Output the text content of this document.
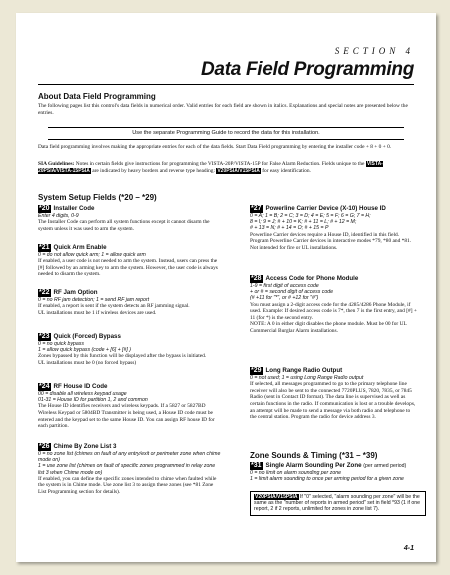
SECTION 4
Data Field Programming
About Data Field Programming
The following pages list this control's data fields in numerical order. Valid entries for each field are shown in italics. Explanations and special notes are presented below the entries.
Use the separate Programming Guide to record the data for this installation.
Data field programming involves making the appropriate entries for each of the data fields. Start Data Field programming by entering the installer code + 8 + 0 + 0.
SIA Guidelines: Notes in certain fields give instructions for programming the VISTA-20P/VISTA-15P for False Alarm Reduction. Fields unique to the VISTA-20PSIA/VISTA-15PSIA are indicated by heavy borders and reverse type heading: V20PSIA/V15PSIA for easy identification.
System Setup Fields (*20 – *29)
*20 Installer Code
Enter 4 digits, 0-9

The Installer Code can perform all system functions except it cannot disarm the system unless it was used to arm the system.

*21 Quick Arm Enable
0 = do not allow quick arm; 1 = allow quick arm

If enabled, a user code is not needed to arm the system. Instead, users can press the [#] followed by an arming key to arm the system. However, the user code is always needed to disarm the system.

*22 RF Jam Option
0 = no RF jam detection; 1 = send RF jam report

If enabled, a report is sent if the system detects an RF jamming signal.

UL installations must be 1 if wireless devices are used.

*23 Quick (Forced) Bypass
0 = no quick bypass
1 = allow quick bypass (code + [6] + [#] )

Zones bypassed by this function will be displayed after the bypass is initiated.

UL installations must be 0 (no forced bypass)

*24 RF House ID Code
00 = disable all wireless keypad usage
01-31 = House ID for partition 1, 2 and common

The House ID identifies receivers and wireless keypads. If a 5827 or 5827BD Wireless Keypad or 5804BD Transmitter is being used, a House ID code must be entered and the keypad set to the same House ID. You can assign RF house ID for each partition.

*26 Chime By Zone List 3
0 = no zone list (chimes on fault of any entry/exit or perimeter zone when chime mode on)
1 = use zone list (chimes on fault of specific zones programmed in relay zone list 3 when Chime mode on)

If enabled, you can define the specific zones intended to chime when faulted while the system is in Chime mode. Use zone list 3 to assign these zones (see *81 Zone List Programming section for details).

*27 Powerline Carrier Device (X-10) House ID
0 = A; 1 = B; 2 = C; 3 = D; 4 = E; 5 = F; 6 = G; 7 = H;
8 = I; 9 = J; # + 10 = K; # + 11 = L; # + 12 = M;
# + 13 = N; # + 14 = O; # + 15 = P

Powerline Carrier devices require a House ID, identified in this field. Program Powerline Carrier devices in interactive modes *79, *80 and *81.

Not intended for fire or UL installations.

*28 Access Code for Phone Module
1-9 = first digit of access code
+ or # = second digit of access code
(# +11 for "*", or # +12 for "#")

You must assign a 2-digit access code for the 4285/4286 Phone Module, if used. Example: If desired access code is 7*, then 7 is the first entry, and [#] + 11 (for *) is the second entry.

NOTE: A 0 in either digit disables the phone module. Must be 00 for UL Commercial Burglar Alarm installations.

*29 Long Range Radio Output
0 = not used; 1 = using Long Range Radio output

If selected, all messages programmed to go to the primary telephone line receiver will also be sent to the connected 7720PLUS, 7820, 7835, or 7845 Radio (sent in Contact ID format). The data line is supervised as well as certain functions in the radio. If communication is lost or a trouble develops, an attempt will be made to send a message via both radio and telephone to the central station. Program the radio for device address 3.

Zone Sounds & Timing (*31 – *39)
*31 Single Alarm Sounding Per Zone
(per armed period)
0 = no limit on alarm sounding per zone
1 = limit alarm sounding to once per arming period for a given zone
V20PSIA/V15PSIA If "0" selected, "alarm sounding per zone" will be the same as the "number of reports in armed period" set in field *93 (1 if one report, 2 if 2 reports, unlimited for zones in zone list 7).
4-1
